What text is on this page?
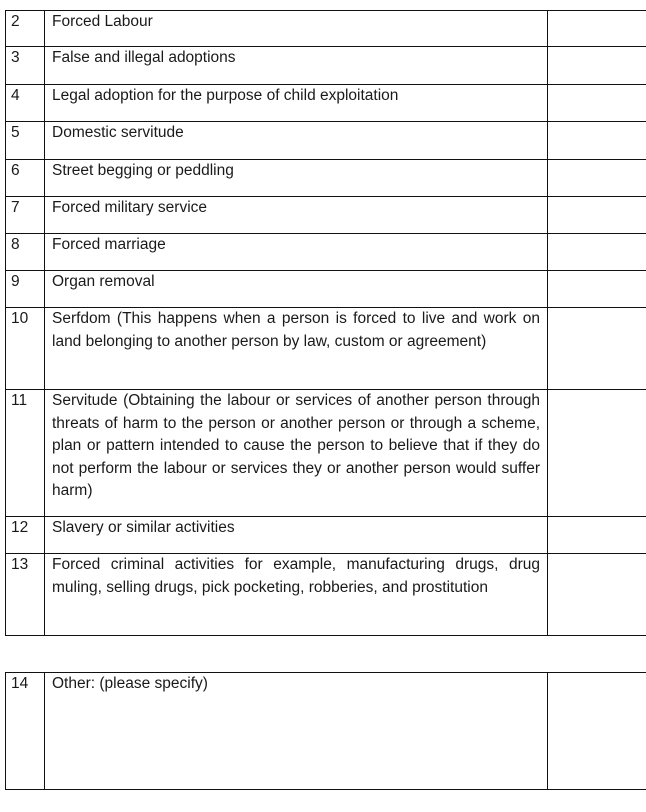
2	Forced Labour	
3	False and illegal adoptions	
4	Legal adoption for the purpose of child exploitation	
5	Domestic servitude	
6	Street begging or peddling	
7	Forced military service	
8	Forced marriage	
9	Organ removal	
10	Serfdom (This happens when a person is forced to live and work on land belonging to another person by law, custom or agreement)	
11	Servitude (Obtaining the labour or services of another person through threats of harm to the person or another person or through a scheme, plan or pattern intended to cause the person to believe that if they do not perform the labour or services they or another person would suffer harm)	
12	Slavery or similar activities	
13	Forced criminal activities for example, manufacturing drugs, drug muling, selling drugs, pick pocketing, robberies, and prostitution	
14	Other: (please specify)	
